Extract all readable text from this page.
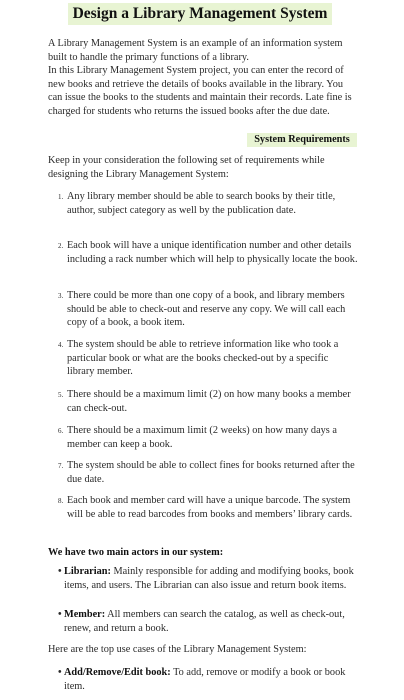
Design a Library Management System

A Library Management System is an example of an information system built to handle the primary functions of a library.

In this Library Management System project, you can enter the record of new books and retrieve the details of books available in the library. You can issue the books to the students and maintain their records. Late fine is charged for students who returns the issued books after the due date.

System Requirements

Keep in your consideration the following set of requirements while designing the Library Management System:

1. Any library member should be able to search books by their title, author, subject category as well by the publication date.
2. Each book will have a unique identification number and other details including a rack number which will help to physically locate the book.
3. There could be more than one copy of a book, and library members should be able to check-out and reserve any copy. We will call each copy of a book, a book item.
4. The system should be able to retrieve information like who took a particular book or what are the books checked-out by a specific library member.
5. There should be a maximum limit (2) on how many books a member can check-out.
6. There should be a maximum limit (2 weeks) on how many days a member can keep a book.
7. The system should be able to collect fines for books returned after the due date.
8. Each book and member card will have a unique barcode. The system will be able to read barcodes from books and members’ library cards.

We have two main actors in our system:

• Librarian: Mainly responsible for adding and modifying books, book items, and users. The Librarian can also issue and return book items.
• Member: All members can search the catalog, as well as check-out, renew, and return a book.

Here are the top use cases of the Library Management System:

• Add/Remove/Edit book: To add, remove or modify a book or book item.
